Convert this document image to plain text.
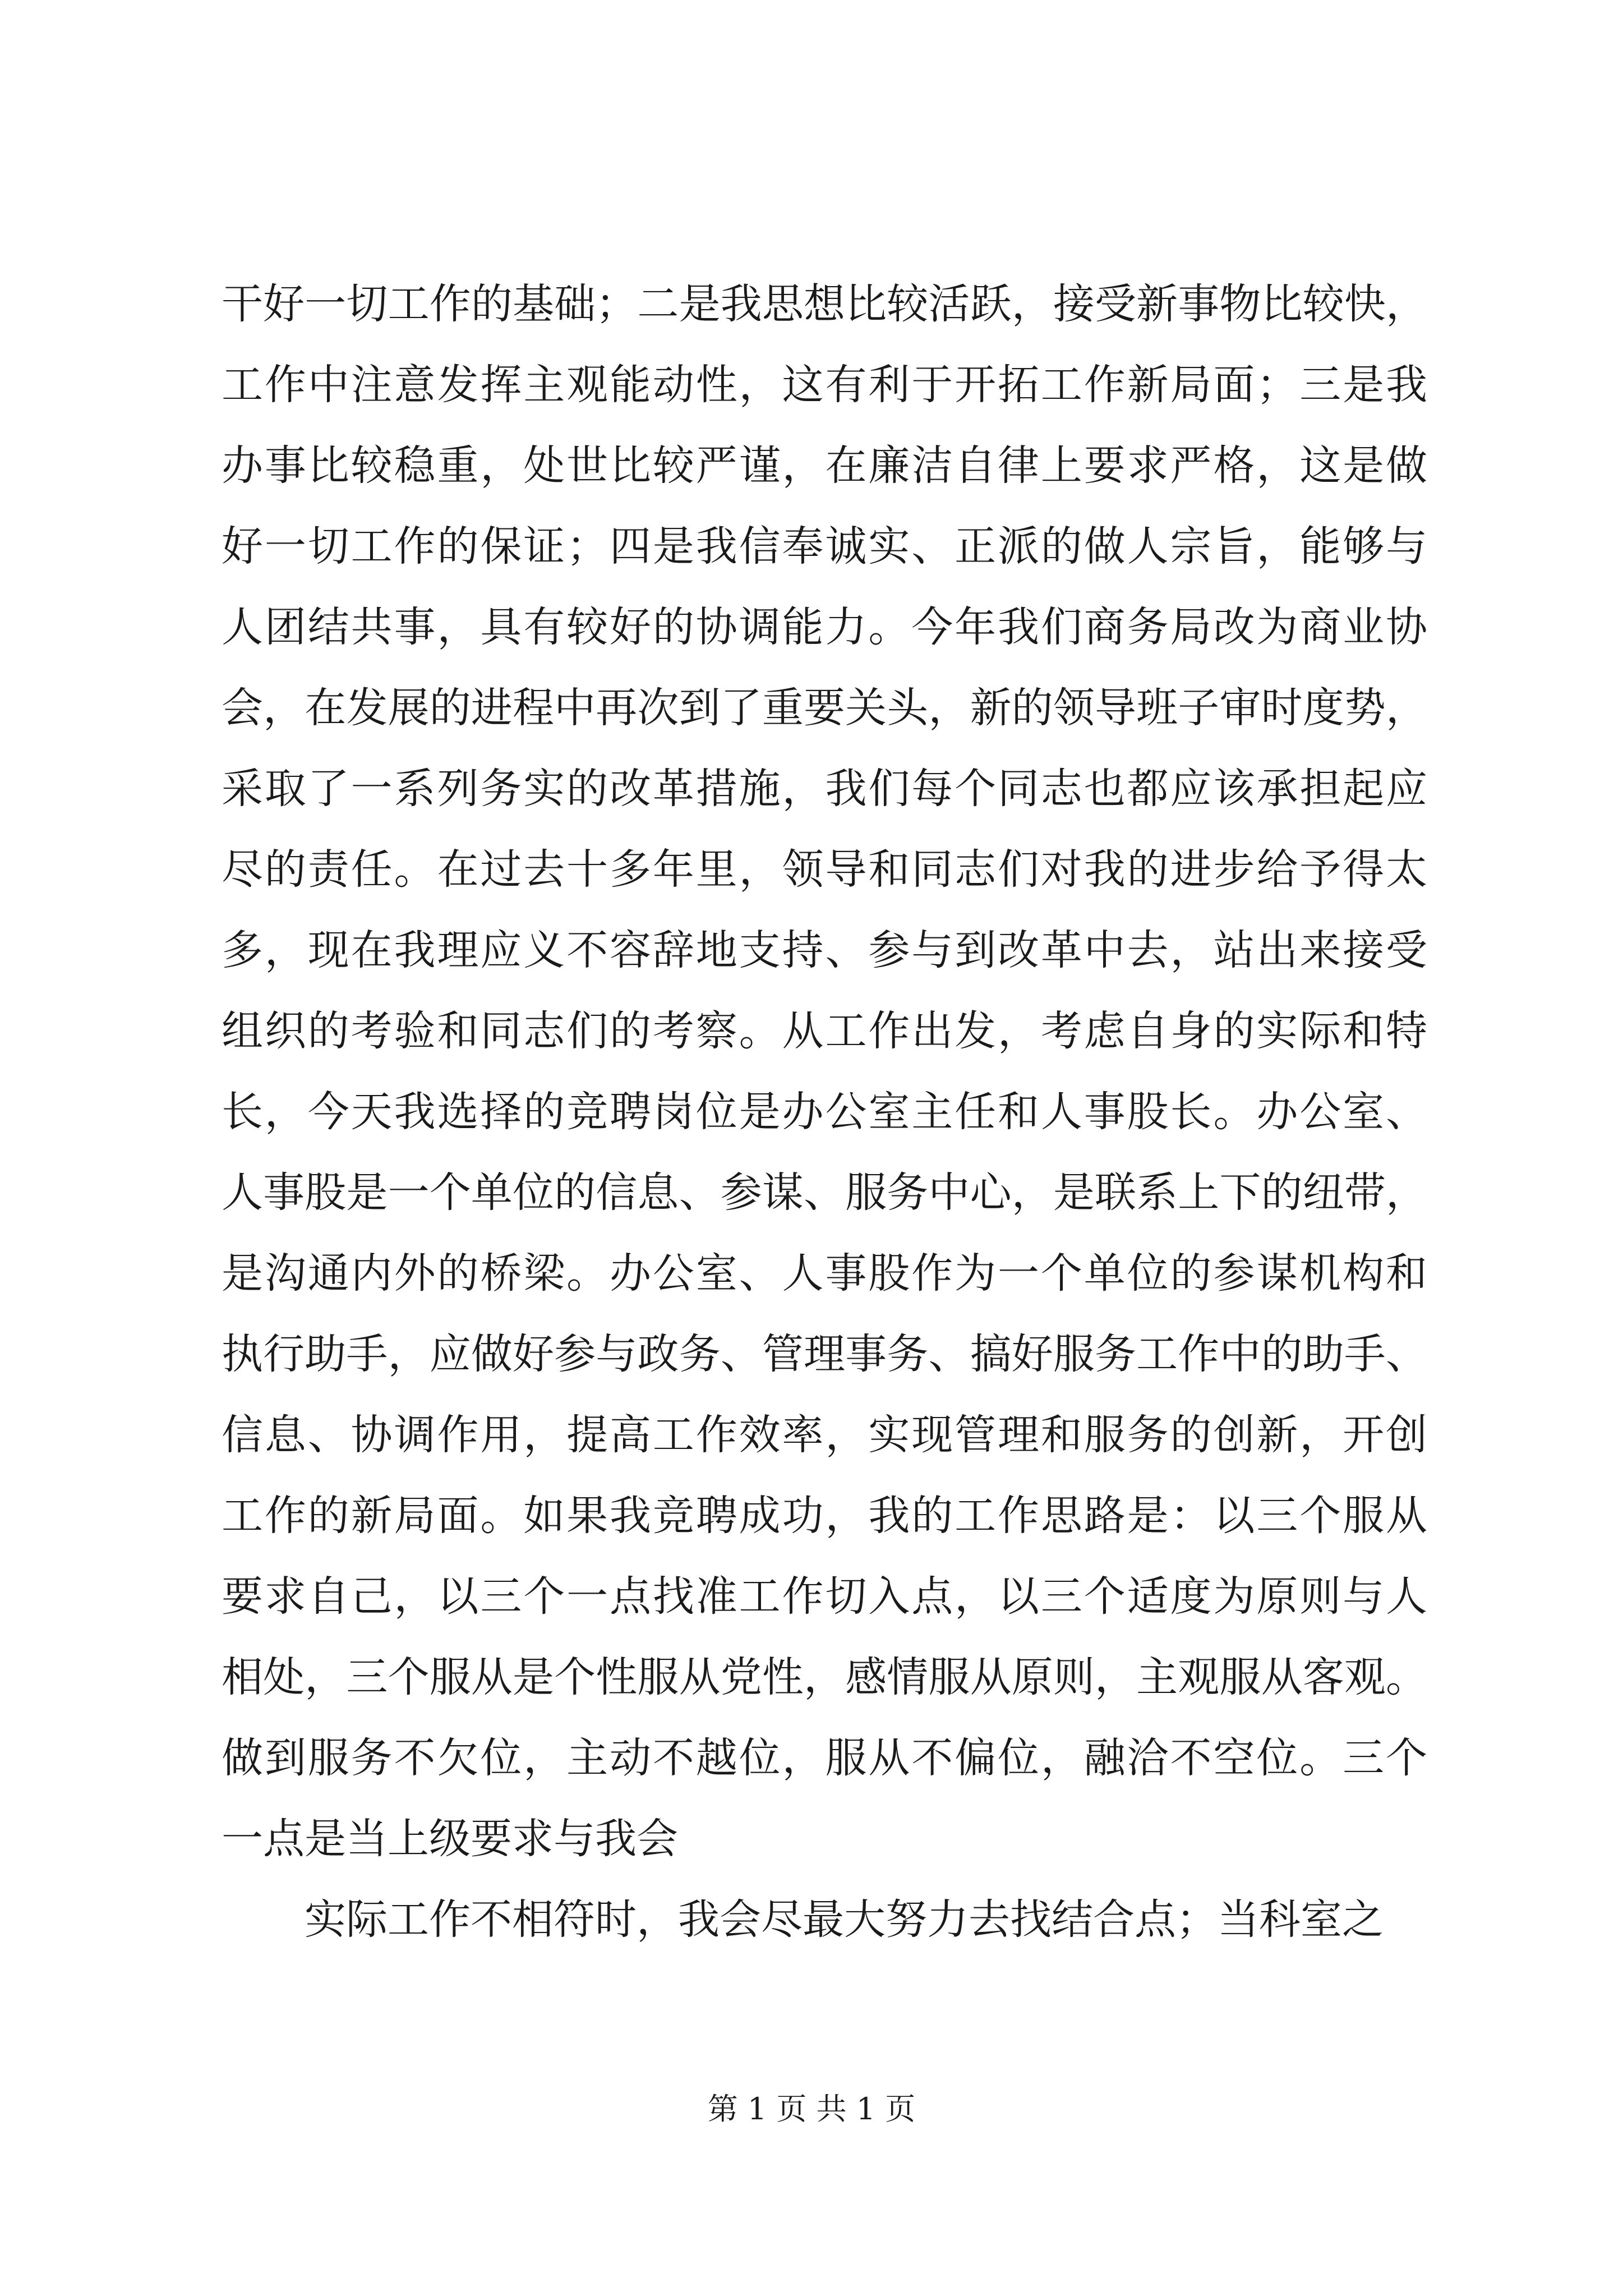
干好一切工作的基础；二是我思想比较活跃，接受新事物比较快，
工作中注意发挥主观能动性，这有利于开拓工作新局面；三是我
办事比较稳重，处世比较严谨，在廉洁自律上要求严格，这是做
好一切工作的保证；四是我信奉诚实、正派的做人宗旨，能够与
人团结共事，具有较好的协调能力。今年我们商务局改为商业协
会，在发展的进程中再次到了重要关头，新的领导班子审时度势，
采取了一系列务实的改革措施，我们每个同志也都应该承担起应
尽的责任。在过去十多年里，领导和同志们对我的进步给予得太
多，现在我理应义不容辞地支持、参与到改革中去，站出来接受
组织的考验和同志们的考察。从工作出发，考虑自身的实际和特
长，今天我选择的竞聘岗位是办公室主任和人事股长。办公室、
人事股是一个单位的信息、参谋、服务中心，是联系上下的纽带，
是沟通内外的桥梁。办公室、人事股作为一个单位的参谋机构和
执行助手，应做好参与政务、管理事务、搞好服务工作中的助手、
信息、协调作用，提高工作效率，实现管理和服务的创新，开创
工作的新局面。如果我竞聘成功，我的工作思路是：以三个服从
要求自己，以三个一点找准工作切入点，以三个适度为原则与人
相处，三个服从是个性服从党性，感情服从原则，主观服从客观。
做到服务不欠位，主动不越位，服从不偏位，融洽不空位。三个
一点是当上级要求与我会
实际工作不相符时，我会尽最大努力去找结合点；当科室之
第 1 页 共 1 页
